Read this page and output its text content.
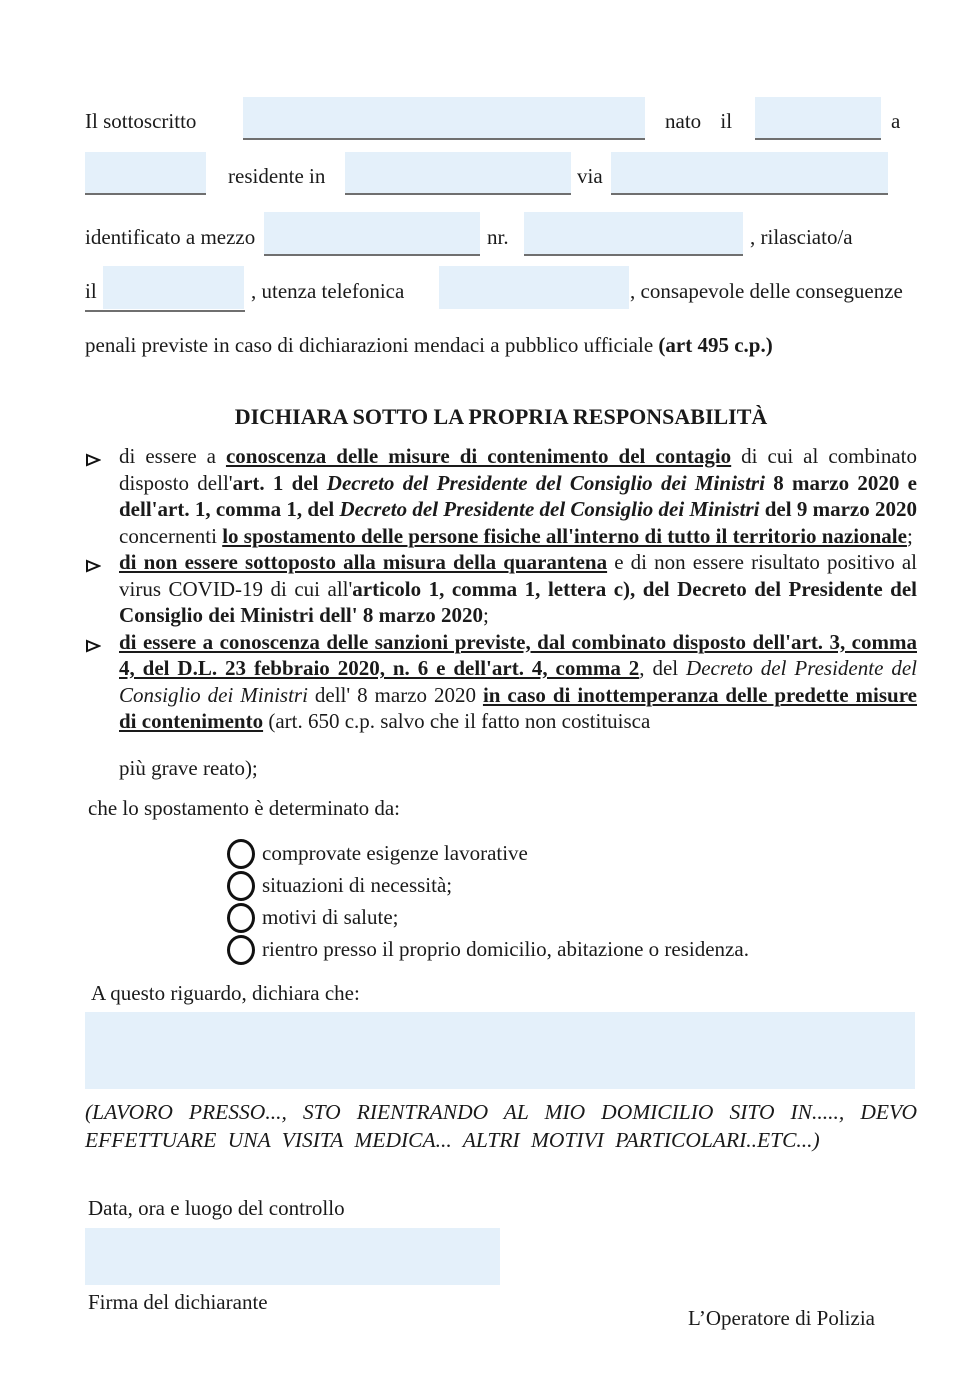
Il sottoscritto	nato il	a
residente in	via
identificato a mezzo	nr.	, rilasciato/a
il	, utenza telefonica	, consapevole delle conseguenze
penali previste in caso di dichiarazioni mendaci a pubblico ufficiale (art 495 c.p.)
DICHIARA SOTTO LA PROPRIA RESPONSABILITÀ
di essere a conoscenza delle misure di contenimento del contagio di cui al combinato disposto dell'art. 1 del Decreto del Presidente del Consiglio dei Ministri 8 marzo 2020 e dell'art. 1, comma 1, del Decreto del Presidente del Consiglio dei Ministri del 9 marzo 2020 concernenti lo spostamento delle persone fisiche all'interno di tutto il territorio nazionale;
di non essere sottoposto alla misura della quarantena e di non essere risultato positivo al virus COVID-19 di cui all'articolo 1, comma 1, lettera c), del Decreto del Presidente del Consiglio dei Ministri dell' 8 marzo 2020;
di essere a conoscenza delle sanzioni previste, dal combinato disposto dell'art. 3, comma 4, del D.L. 23 febbraio 2020, n. 6 e dell'art. 4, comma 2, del Decreto del Presidente del Consiglio dei Ministri dell' 8 marzo 2020 in caso di inottemperanza delle predette misure di contenimento (art. 650 c.p. salvo che il fatto non costituisca
più grave reato);
che lo spostamento è determinato da:
comprovate esigenze lavorative
situazioni di necessità;
motivi di salute;
rientro presso il proprio domicilio, abitazione o residenza.
A questo riguardo, dichiara che:
(LAVORO PRESSO..., STO RIENTRANDO AL MIO DOMICILIO SITO IN....., DEVO EFFETTUARE UNA VISITA MEDICA... ALTRI MOTIVI PARTICOLARI..ETC...)
Data, ora e luogo del controllo
Firma del dichiarante
L’Operatore di Polizia
